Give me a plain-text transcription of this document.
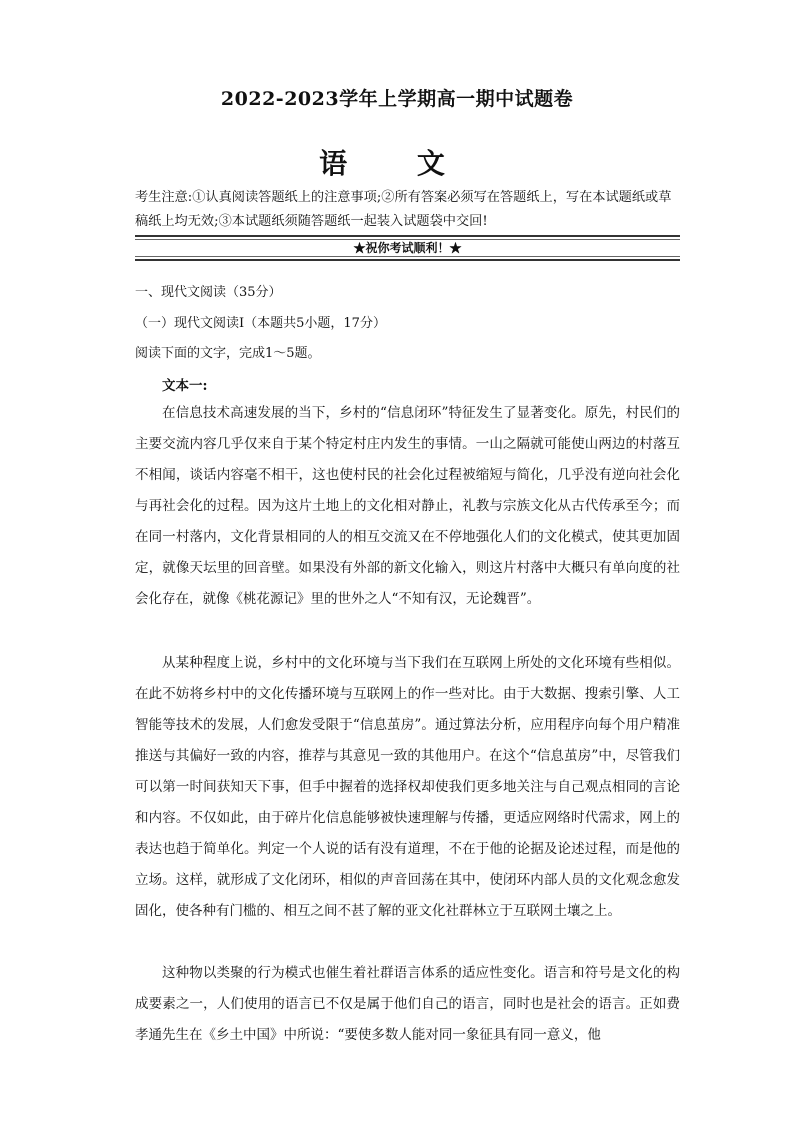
2022-2023学年上学期高一期中试题卷
语 文
考生注意:①认真阅读答题纸上的注意事项;②所有答案必须写在答题纸上，写在本试题纸或草稿纸上均无效;③本试题纸须随答题纸一起装入试题袋中交回!
★祝你考试顺利！★
一、现代文阅读（35分）
（一）现代文阅读Ⅰ（本题共5小题，17分）
阅读下面的文字，完成1～5题。
文本一:
在信息技术高速发展的当下，乡村的“信息闭环”特征发生了显著变化。原先，村民们的主要交流内容几乎仅来自于某个特定村庄内发生的事情。一山之隔就可能使山两边的村落互不相闻，谈话内容毫不相干，这也使村民的社会化过程被缩短与简化，几乎没有逆向社会化与再社会化的过程。因为这片土地上的文化相对静止，礼教与宗族文化从古代传承至今；而在同一村落内，文化背景相同的人的相互交流又在不停地强化人们的文化模式，使其更加固定，就像天坛里的回音壁。如果没有外部的新文化输入，则这片村落中大概只有单向度的社会化存在，就像《桃花源记》里的世外之人“不知有汉，无论魏晋”。
从某种程度上说，乡村中的文化环境与当下我们在互联网上所处的文化环境有些相似。在此不妨将乡村中的文化传播环境与互联网上的作一些对比。由于大数据、搜索引擎、人工智能等技术的发展，人们愈发受限于“信息茧房”。通过算法分析，应用程序向每个用户精准推送与其偏好一致的内容，推荐与其意见一致的其他用户。在这个“信息茧房”中，尽管我们可以第一时间获知天下事，但手中握着的选择权却使我们更多地关注与自己观点相同的言论和内容。不仅如此，由于碎片化信息能够被快速理解与传播，更适应网络时代需求，网上的表达也趋于简单化。判定一个人说的话有没有道理，不在于他的论据及论述过程，而是他的立场。这样，就形成了文化闭环，相似的声音回荡在其中，使闭环内部人员的文化观念愈发固化，使各种有门槛的、相互之间不甚了解的亚文化社群林立于互联网土壤之上。
这种物以类聚的行为模式也催生着社群语言体系的适应性变化。语言和符号是文化的构成要素之一，人们使用的语言已不仅是属于他们自己的语言，同时也是社会的语言。正如费孝通先生在《乡土中国》中所说：“要使多数人能对同一象征具有同一意义，他
